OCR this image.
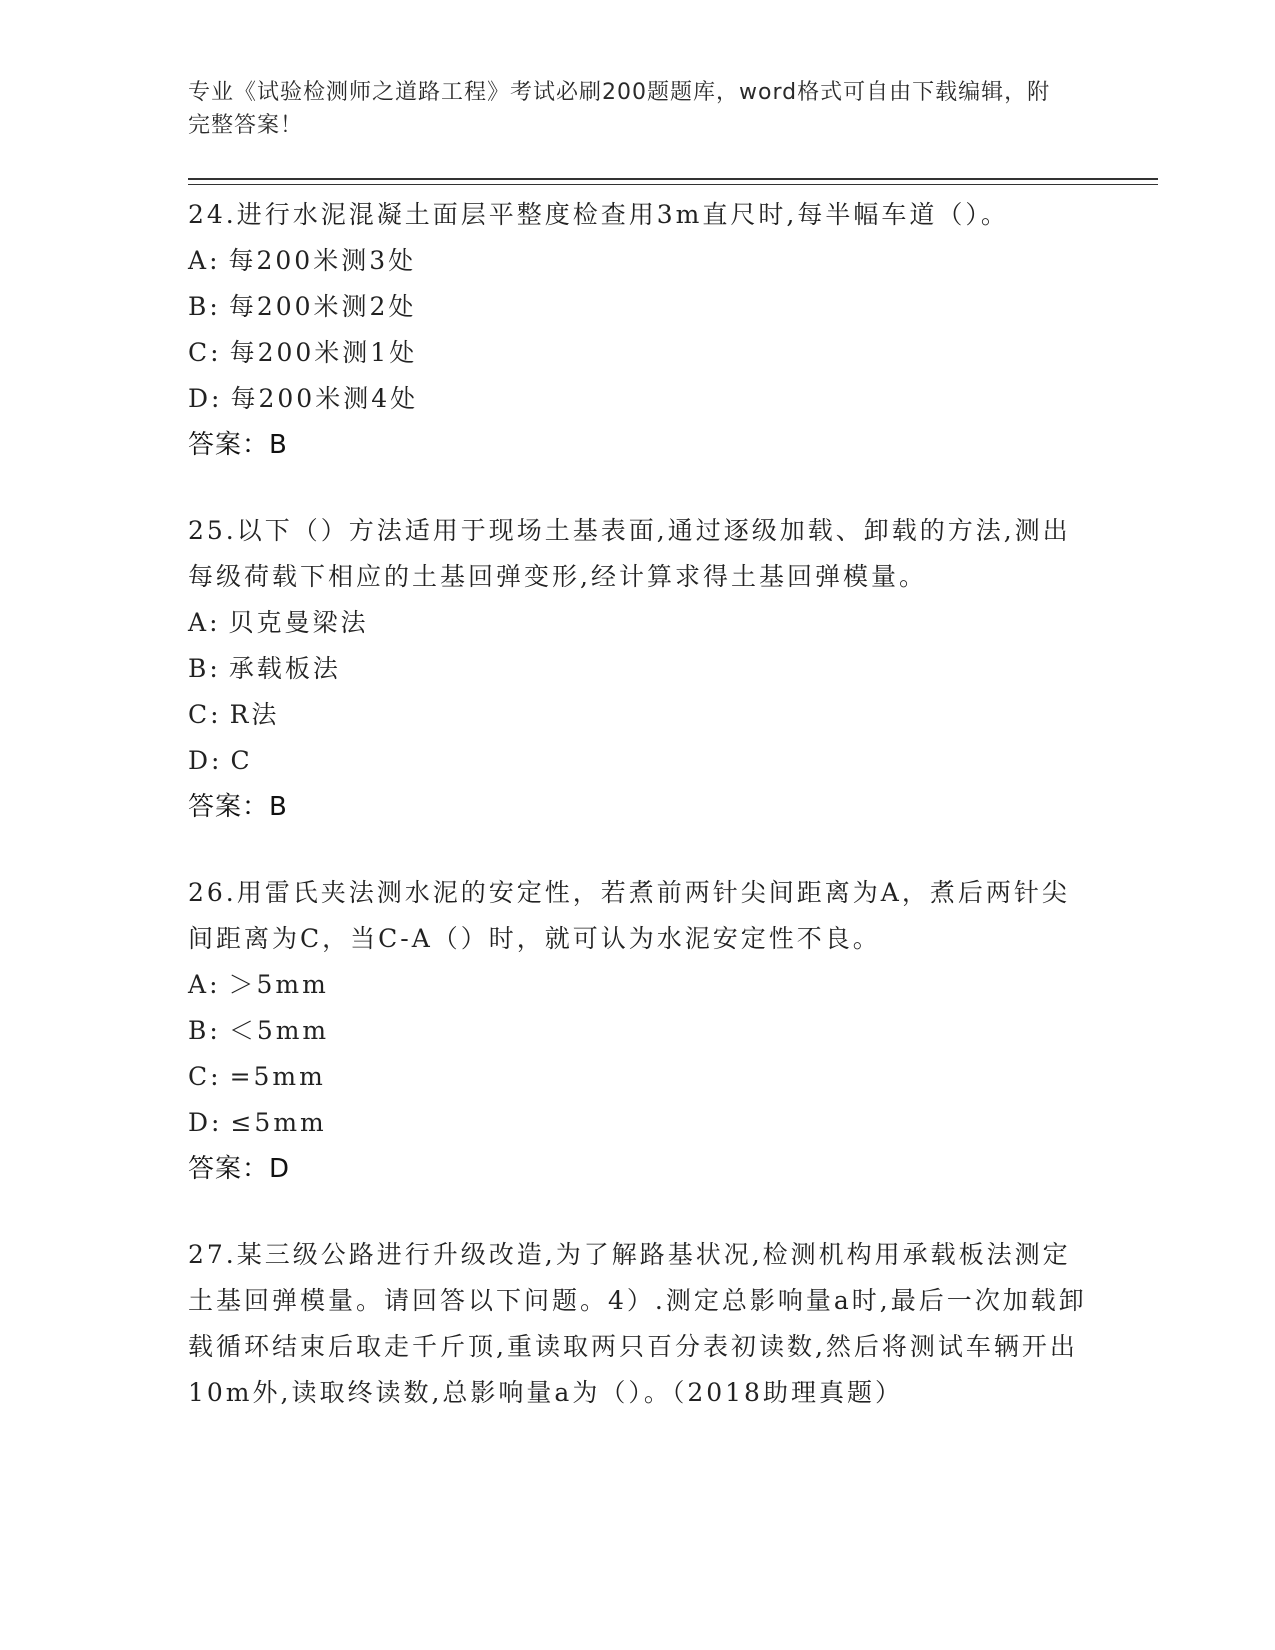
专业《试验检测师之道路工程》考试必刷200题题库，word格式可自由下载编辑，附完整答案！
24.进行水泥混凝土面层平整度检查用3m直尺时,每半幅车道（）。
A: 每200米测3处
B: 每200米测2处
C: 每200米测1处
D: 每200米测4处
答案：B
25.以下（）方法适用于现场土基表面,通过逐级加载、卸载的方法,测出每级荷载下相应的土基回弹变形,经计算求得土基回弹模量。
A: 贝克曼梁法
B: 承载板法
C: R法
D: C
答案：B
26.用雷氏夹法测水泥的安定性，若煮前两针尖间距离为A，煮后两针尖间距离为C，当C-A（）时，就可认为水泥安定性不良。
A: ＞5mm
B: ＜5mm
C: =5mm
D: ≤5mm
答案：D
27.某三级公路进行升级改造,为了解路基状况,检测机构用承载板法测定土基回弹模量。请回答以下问题。4）.测定总影响量a时,最后一次加载卸载循环结束后取走千斤顶,重读取两只百分表初读数,然后将测试车辆开出10m外,读取终读数,总影响量a为（）。（2018助理真题）
